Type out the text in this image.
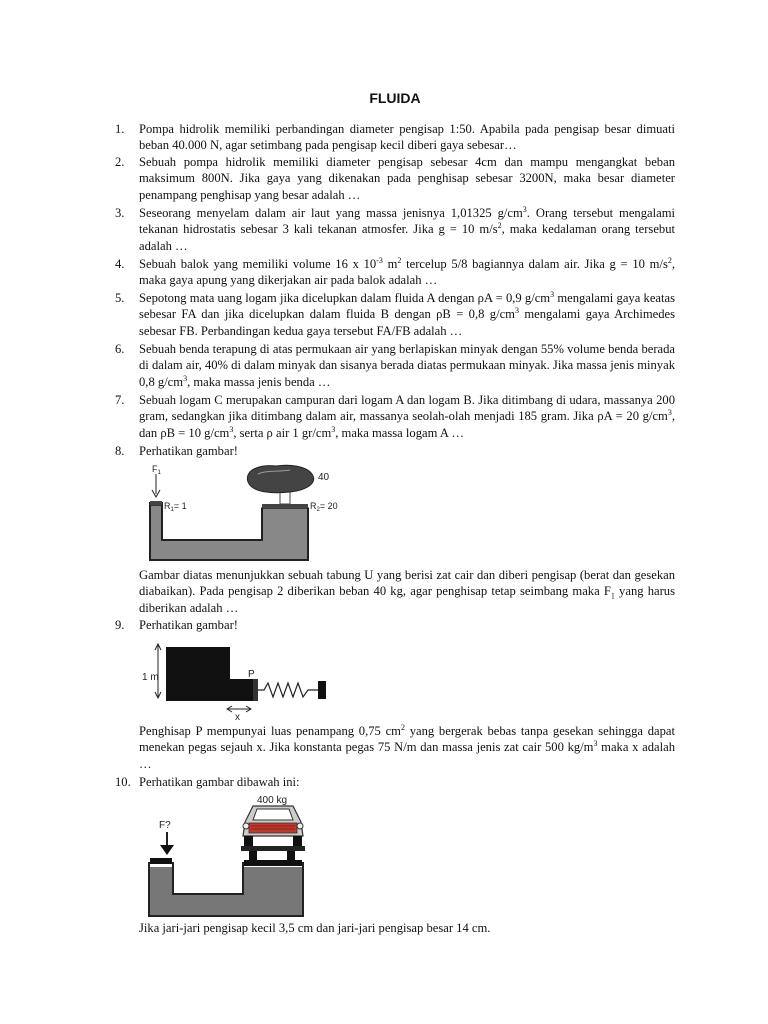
FLUIDA
1. Pompa hidrolik memiliki perbandingan diameter pengisap 1:50. Apabila pada pengisap besar dimuati beban 40.000 N, agar setimbang pada pengisap kecil diberi gaya sebesar…
2. Sebuah pompa hidrolik memiliki diameter pengisap sebesar 4cm dan mampu mengangkat beban maksimum 800N. Jika gaya yang dikenakan pada penghisap sebesar 3200N, maka besar diameter penampang penghisap yang besar adalah …
3. Seseorang menyelam dalam air laut yang massa jenisnya 1,01325 $g/cm^3$. Orang tersebut mengalami tekanan hidrostatis sebesar 3 kali tekanan atmosfer. Jika g = 10 $m/s^2$, maka kedalaman orang tersebut adalah …
4. Sebuah balok yang memiliki volume 16 x $10^{-3}$ $m^2$ tercelup 5/8 bagiannya dalam air. Jika g = 10 $m/s^2$, maka gaya apung yang dikerjakan air pada balok adalah …
5. Sepotong mata uang logam jika dicelupkan dalam fluida A dengan ρA = 0,9 $g/cm^3$ mengalami gaya keatas sebesar FA dan jika dicelupkan dalam fluida B dengan ρB = 0,8 $g/cm^3$ mengalami gaya Archimedes sebesar FB. Perbandingan kedua gaya tersebut FA/FB adalah …
6. Sebuah benda terapung di atas permukaan air yang berlapiskan minyak dengan 55% volume benda berada di dalam air, 40% di dalam minyak dan sisanya berada diatas permukaan minyak. Jika massa jenis minyak 0,8 $g/cm^3$, maka massa jenis benda …
7. Sebuah logam C merupakan campuran dari logam A dan logam B. Jika ditimbang di udara, massanya 200 gram, sedangkan jika ditimbang dalam air, massanya seolah-olah menjadi 185 gram. Jika ρA = 20 $g/cm^3$, dan ρB = 10 $g/cm^3$, serta ρ air 1 $gr/cm^3$, maka massa logam A …
8. Perhatikan gambar!
$F_1$
$R_1= 1$	$R_2= 20$
40
Gambar diatas menunjukkan sebuah tabung U yang berisi zat cair dan diberi pengisap (berat dan gesekan diabaikan). Pada pengisap 2 diberikan beban 40 kg, agar penghisap tetap seimbang maka $F_1$ yang harus diberikan adalah …
9. Perhatikan gambar!
1 m	P
x
Penghisap P mempunyai luas penampang 0,75 $cm^2$ yang bergerak bebas tanpa gesekan sehingga dapat menekan pegas sejauh x. Jika konstanta pegas 75 N/m dan massa jenis zat cair 500 $kg/m^3$ maka x adalah …
10. Perhatikan gambar dibawah ini:
400 kg
F?
Jika jari-jari pengisap kecil 3,5 cm dan jari-jari pengisap besar 14 cm.
